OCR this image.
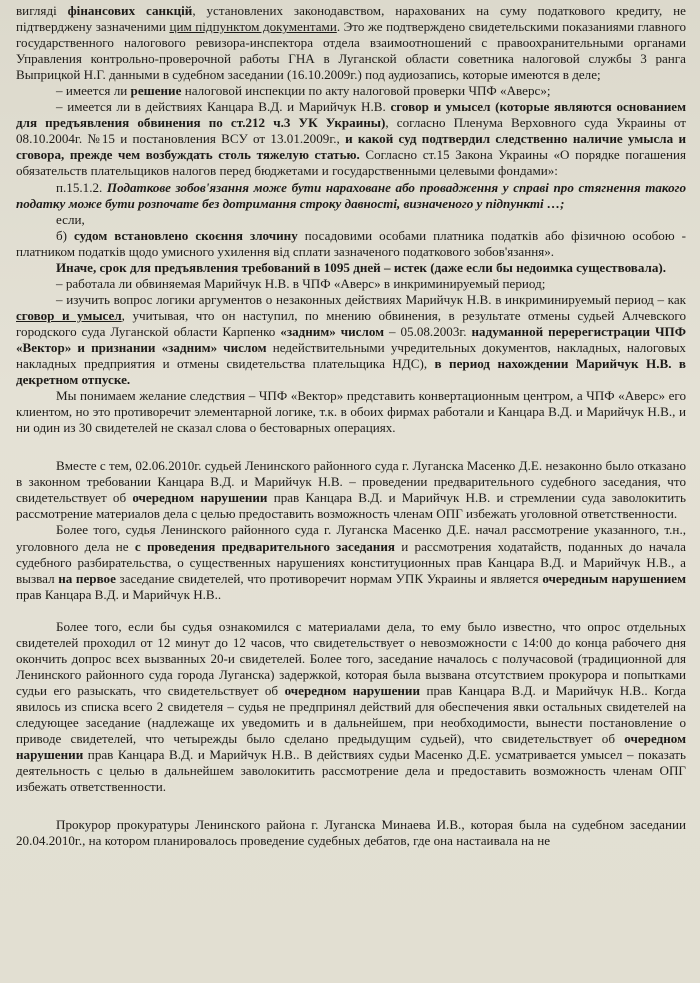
вигляді фінансових санкцій, установлених законодавством, нарахованих на суму податкового кредиту, не підтверджену зазначеними цим підпунктом документами. Это же подтверждено свидетельскими показаниями главного государственного налогового ревизора-инспектора отдела взаимоотношений с правоохранительными органами Управления контрольно-проверочной работы ГНА в Луганской области советника налоговой службы 3 ранга Выприцкой Н.Г. данными в судебном заседании (16.10.2009г.) под аудиозапись, которые имеются в деле;

– имеется ли решение налоговой инспекции по акту налоговой проверки ЧПФ «Аверс»;

– имеется ли в действиях Канцара В.Д. и Марийчук Н.В. сговор и умысел (которые являются основанием для предъявления обвинения по ст.212 ч.3 УК Украины), согласно Пленума Верховного суда Украины от 08.10.2004г. №15 и постановления ВСУ от 13.01.2009г., и какой суд подтвердил следственно наличие умысла и сговора, прежде чем возбуждать столь тяжелую статью. Согласно ст.15 Закона Украины «О порядке погашения обязательств плательщиков налогов перед бюджетами и государственными целевыми фондами»:

п.15.1.2. Податкове зобов'язання може бути нараховане або провадження у справі про стягнення такого податку може бути розпочате без дотримання строку давності, визначеного у підпункті …;

если,

б) судом встановлено скоєння злочину посадовими особами платника податків або фізичною особою - платником податків щодо умисного ухилення від сплати зазначеного податкового зобов'язання».

Иначе, срок для предъявления требований в 1095 дней – истек (даже если бы недоимка существовала).

– работала ли обвиняемая Марийчук Н.В. в ЧПФ «Аверс» в инкриминируемый период;

– изучить вопрос логики аргументов о незаконных действиях Марийчук Н.В. в инкриминируемый период – как сговор и умысел, учитывая, что он наступил, по мнению обвинения, в результате отмены судьей Алчевского городского суда Луганской области Карпенко «задним» числом – 05.08.2003г. надуманной перерегистрации ЧПФ «Вектор» и признании «задним» числом недействительными учредительных документов, накладных, налоговых накладных предприятия и отмены свидетельства плательщика НДС), в период нахождении Марийчук Н.В. в декретном отпуске.

Мы понимаем желание следствия – ЧПФ «Вектор» представить конвертационным центром, а ЧПФ «Аверс» его клиентом, но это противоречит элементарной логике, т.к. в обоих фирмах работали и Канцара В.Д. и Марийчук Н.В., и ни один из 30 свидетелей не сказал слова о бестоварных операциях.

Вместе с тем, 02.06.2010г. судьей Ленинского районного суда г. Луганска Масенко Д.Е. незаконно было отказано в законном требовании Канцара В.Д. и Марийчук Н.В. – проведении предварительного судебного заседания, что свидетельствует об очередном нарушении прав Канцара В.Д. и Марийчук Н.В. и стремлении суда заволокитить рассмотрение материалов дела с целью предоставить возможность членам ОПГ избежать уголовной ответственности.

Более того, судья Ленинского районного суда г. Луганска Масенко Д.Е. начал рассмотрение указанного, т.н., уголовного дела не с проведения предварительного заседания и рассмотрения ходатайств, поданных до начала судебного разбирательства, о существенных нарушениях конституционных прав Канцара В.Д. и Марийчук Н.В., а вызвал на первое заседание свидетелей, что противоречит нормам УПК Украины и является очередным нарушением прав Канцара В.Д. и Марийчук Н.В..

Более того, если бы судья ознакомился с материалами дела, то ему было известно, что опрос отдельных свидетелей проходил от 12 минут до 12 часов, что свидетельствует о невозможности с 14:00 до конца рабочего дня окончить допрос всех вызванных 20-и свидетелей. Более того, заседание началось с получасовой (традиционной для Ленинского районного суда города Луганска) задержкой, которая была вызвана отсутствием прокурора и попытками судьи его разыскать, что свидетельствует об очередном нарушении прав Канцара В.Д. и Марийчук Н.В.. Когда явилось из списка всего 2 свидетеля – судья не предпринял действий для обеспечения явки остальных свидетелей на следующее заседание (надлежаще их уведомить и в дальнейшем, при необходимости, вынести постановление о приводе свидетелей, что четырежды было сделано предыдущим судьей), что свидетельствует об очередном нарушении прав Канцара В.Д. и Марийчук Н.В.. В действиях судьи Масенко Д.Е. усматривается умысел – показать деятельность с целью в дальнейшем заволокитить рассмотрение дела и предоставить возможность членам ОПГ избежать ответственности.

Прокурор прокуратуры Ленинского района г. Луганска Минаева И.В., которая была на судебном заседании 20.04.2010г., на котором планировалось проведение судебных дебатов, где она настаивала на не
